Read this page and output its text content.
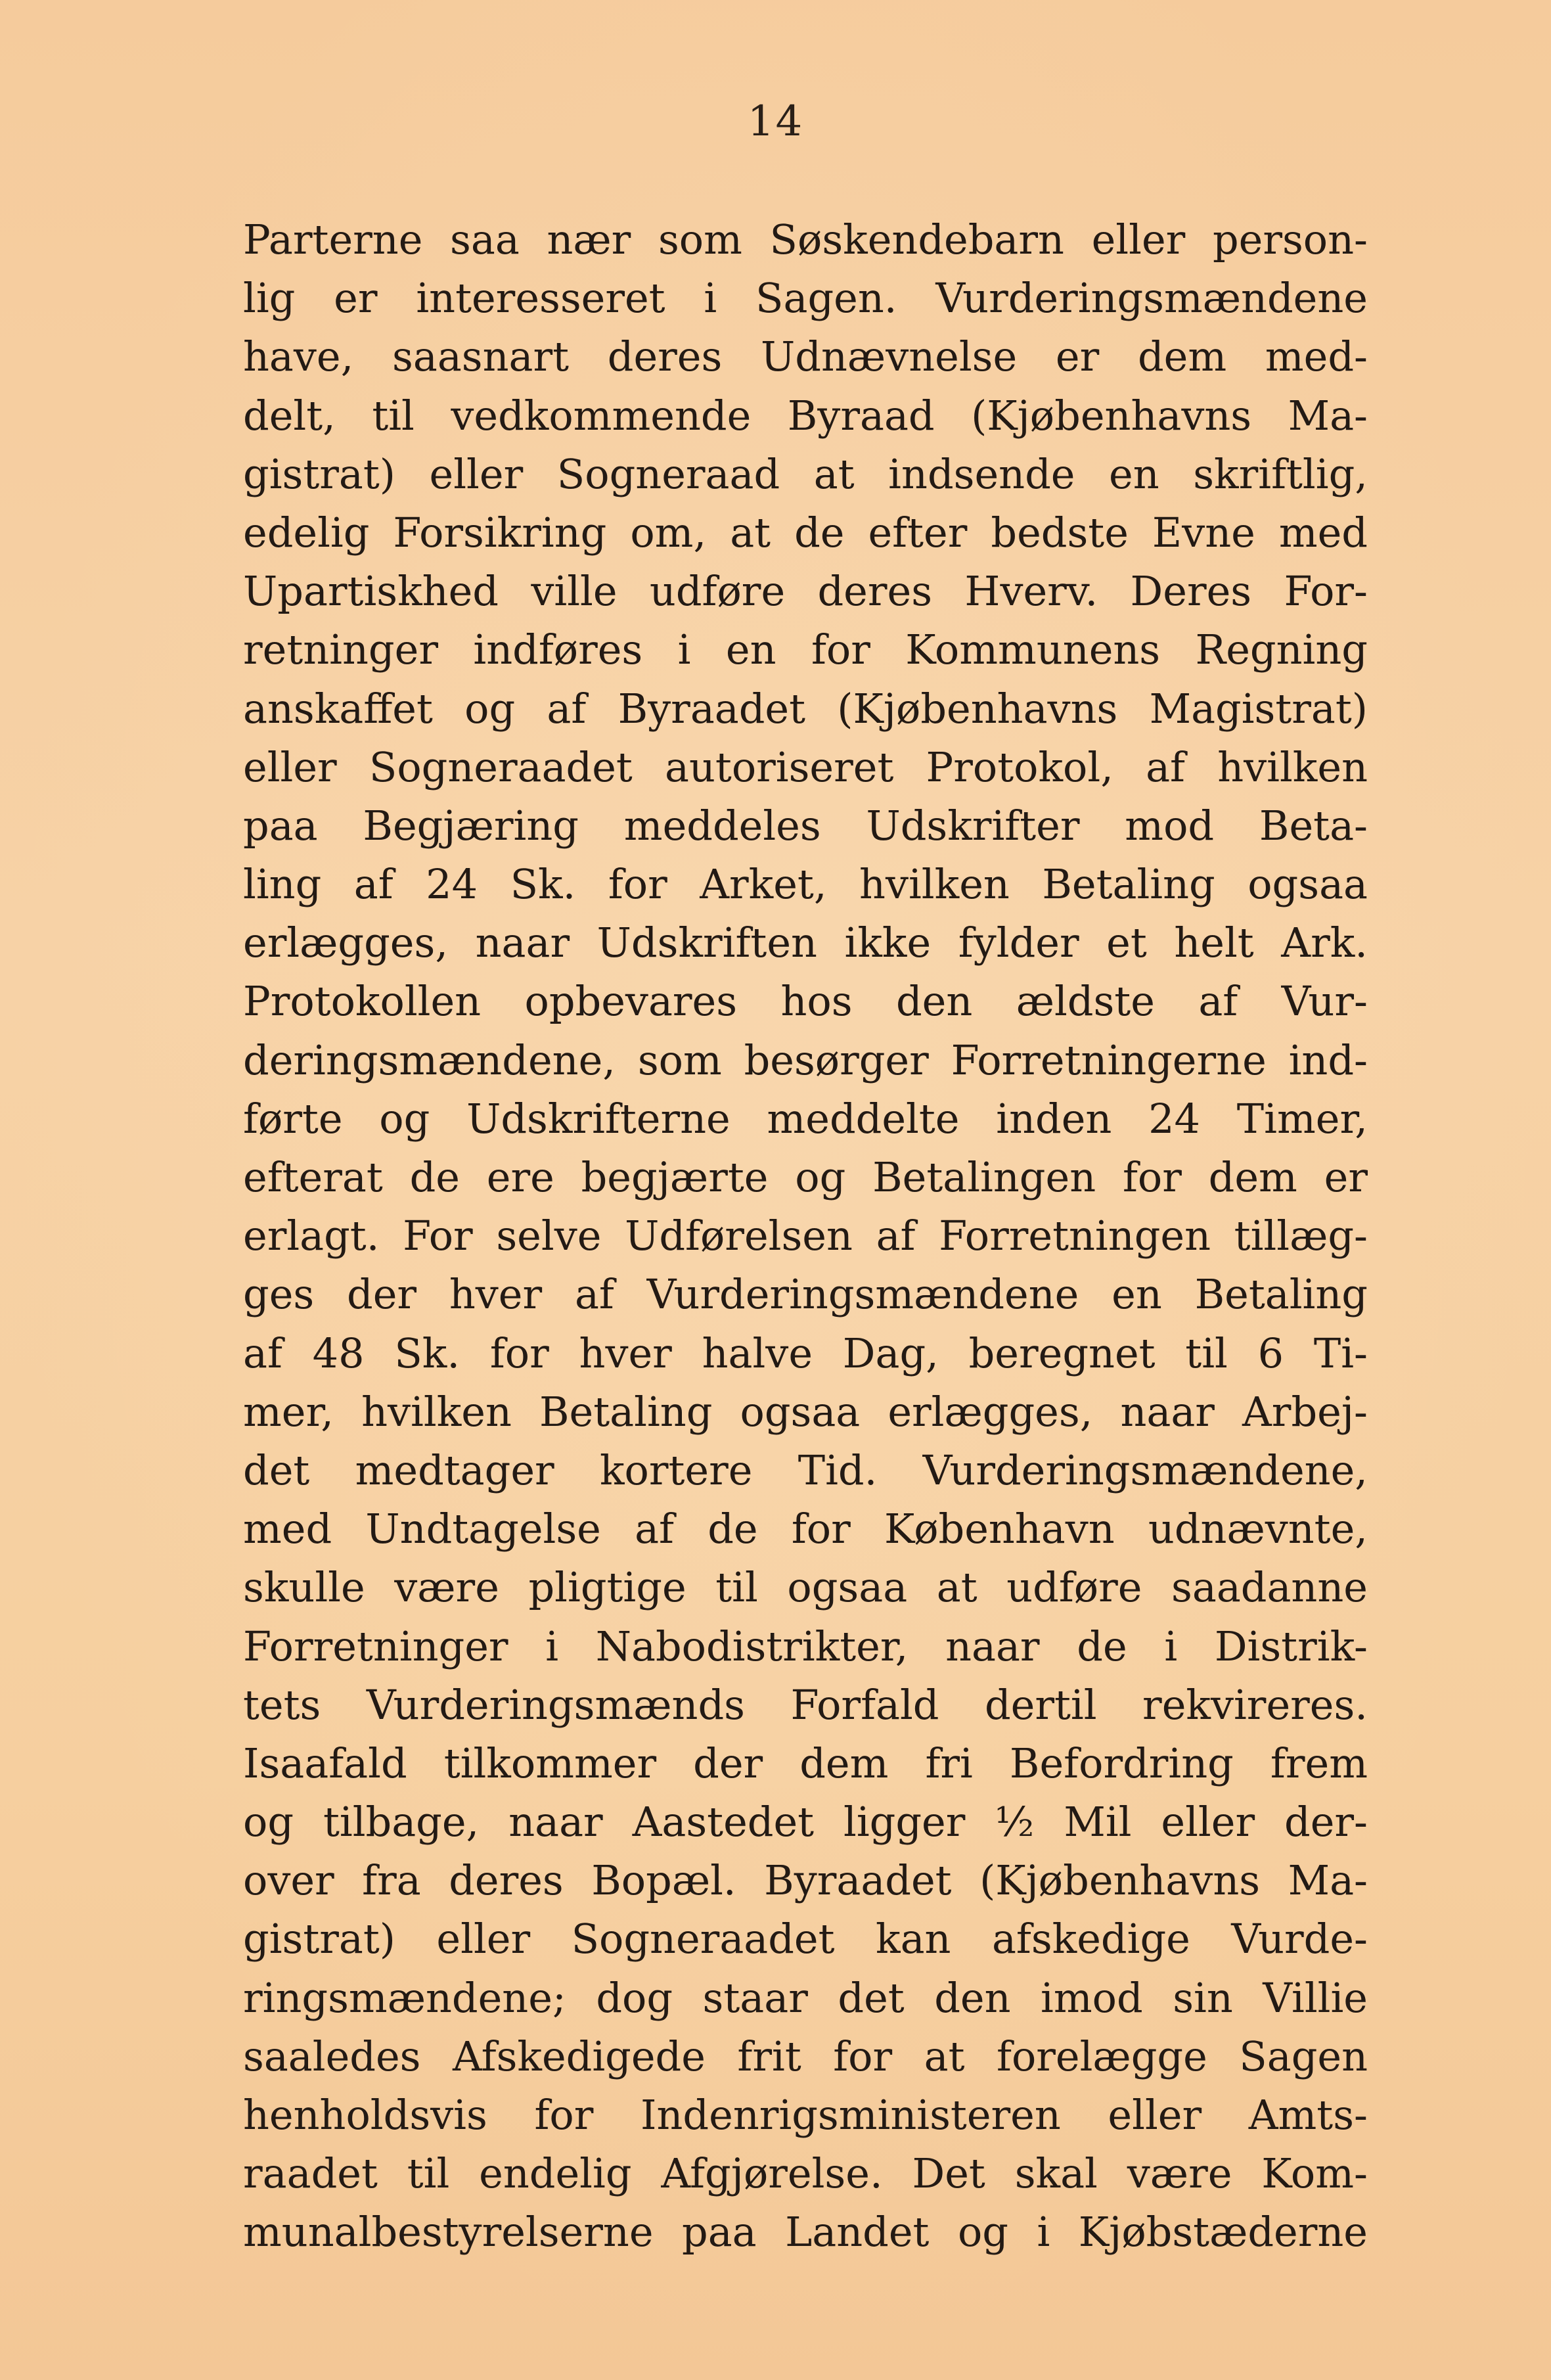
14
Parterne saa nær som Søskendebarn eller person-
lig er interesseret i Sagen. Vurderingsmændene
have, saasnart deres Udnævnelse er dem med-
delt, til vedkommende Byraad (Kjøbenhavns Ma-
gistrat) eller Sogneraad at indsende en skriftlig,
edelig Forsikring om, at de efter bedste Evne med
Upartiskhed ville udføre deres Hverv. Deres For-
retninger indføres i en for Kommunens Regning
anskaffet og af Byraadet (Kjøbenhavns Magistrat)
eller Sogneraadet autoriseret Protokol, af hvilken
paa Begjæring meddeles Udskrifter mod Beta-
ling af 24 Sk. for Arket, hvilken Betaling ogsaa
erlægges, naar Udskriften ikke fylder et helt Ark.
Protokollen opbevares hos den ældste af Vur-
deringsmændene, som besørger Forretningerne ind-
førte og Udskrifterne meddelte inden 24 Timer,
efterat de ere begjærte og Betalingen for dem er
erlagt. For selve Udførelsen af Forretningen tillæg-
ges der hver af Vurderingsmændene en Betaling
af 48 Sk. for hver halve Dag, beregnet til 6 Ti-
mer, hvilken Betaling ogsaa erlægges, naar Arbej-
det medtager kortere Tid. Vurderingsmændene,
med Undtagelse af de for København udnævnte,
skulle være pligtige til ogsaa at udføre saadanne
Forretninger i Nabodistrikter, naar de i Distrik-
tets Vurderingsmænds Forfald dertil rekvireres.
Isaafald tilkommer der dem fri Befordring frem
og tilbage, naar Aastedet ligger ½ Mil eller der-
over fra deres Bopæl. Byraadet (Kjøbenhavns Ma-
gistrat) eller Sogneraadet kan afskedige Vurde-
ringsmændene; dog staar det den imod sin Villie
saaledes Afskedigede frit for at forelægge Sagen
henholdsvis for Indenrigsministeren eller Amts-
raadet til endelig Afgjørelse. Det skal være Kom-
munalbestyrelserne paa Landet og i Kjøbstæderne
